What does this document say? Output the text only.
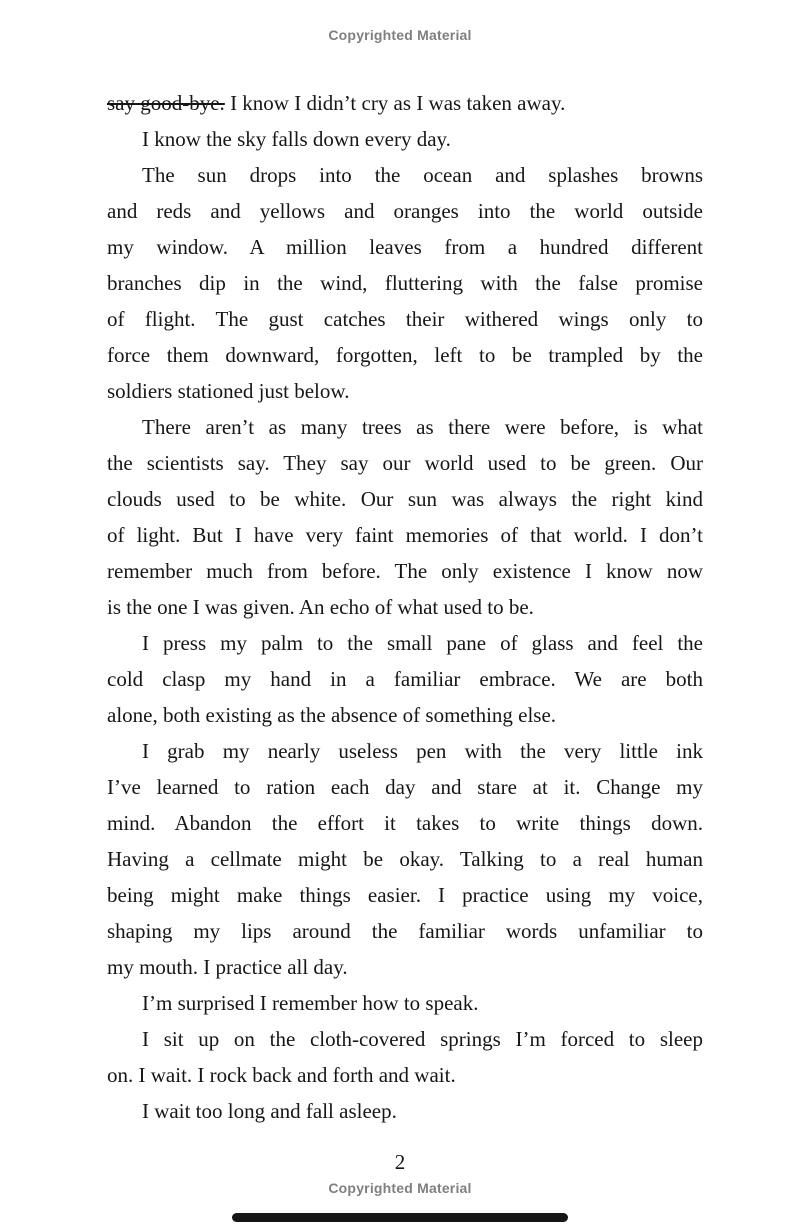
Copyrighted Material
say good-bye. I know I didn’t cry as I was taken away.
I know the sky falls down every day.
The sun drops into the ocean and splashes browns
and reds and yellows and oranges into the world outside
my window. A million leaves from a hundred different
branches dip in the wind, fluttering with the false promise
of flight. The gust catches their withered wings only to
force them downward, forgotten, left to be trampled by the
soldiers stationed just below.
There aren’t as many trees as there were before, is what
the scientists say. They say our world used to be green. Our
clouds used to be white. Our sun was always the right kind
of light. But I have very faint memories of that world. I don’t
remember much from before. The only existence I know now
is the one I was given. An echo of what used to be.
I press my palm to the small pane of glass and feel the
cold clasp my hand in a familiar embrace. We are both
alone, both existing as the absence of something else.
I grab my nearly useless pen with the very little ink
I’ve learned to ration each day and stare at it. Change my
mind. Abandon the effort it takes to write things down.
Having a cellmate might be okay. Talking to a real human
being might make things easier. I practice using my voice,
shaping my lips around the familiar words unfamiliar to
my mouth. I practice all day.
I’m surprised I remember how to speak.
I sit up on the cloth-covered springs I’m forced to sleep
on. I wait. I rock back and forth and wait.
I wait too long and fall asleep.
2
Copyrighted Material
